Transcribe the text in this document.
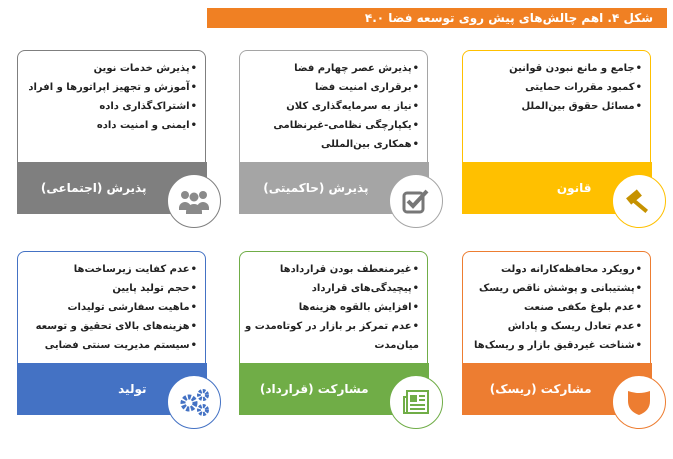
شکل ۴. اهم چالش‌های پیش روی توسعه فضا ۴.۰
• پذیرش خدمات نوین
• آموزش و تجهیز اپراتورها و افراد
• اشتراک‌گذاری داده
• ایمنی و امنیت داده
پذیرش (اجتماعی)
• پذیرش عصر چهارم فضا
• برقراری امنیت فضا
• نیاز به سرمایه‌گذاری کلان
• یکپارچگی نظامی-غیرنظامی
• همکاری بین‌المللی
پذیرش (حاکمیتی)
• جامع و مانع نبودن قوانین
• کمبود مقررات حمایتی
• مسائل حقوق بین‌الملل
قانون
• عدم کفایت زیرساخت‌ها
• حجم تولید پایین
• ماهیت سفارشی تولیدات
• هزینه‌های بالای تحقیق و توسعه
• سیستم مدیریت سنتی فضایی
تولید
• غیرمنعطف بودن قراردادها
• پیچیدگی‌های قرارداد
• افزایش بالقوه هزینه‌ها
• عدم تمرکز بر بازار در کوتاه‌مدت و میان‌مدت
مشارکت (قرارداد)
• رویکرد محافظه‌کارانه دولت
• پشتیبانی و پوشش ناقص ریسک
• عدم بلوغ مکفی صنعت
• عدم تعادل ریسک و پاداش
• شناخت غیردقیق بازار و ریسک‌ها
مشارکت (ریسک)
